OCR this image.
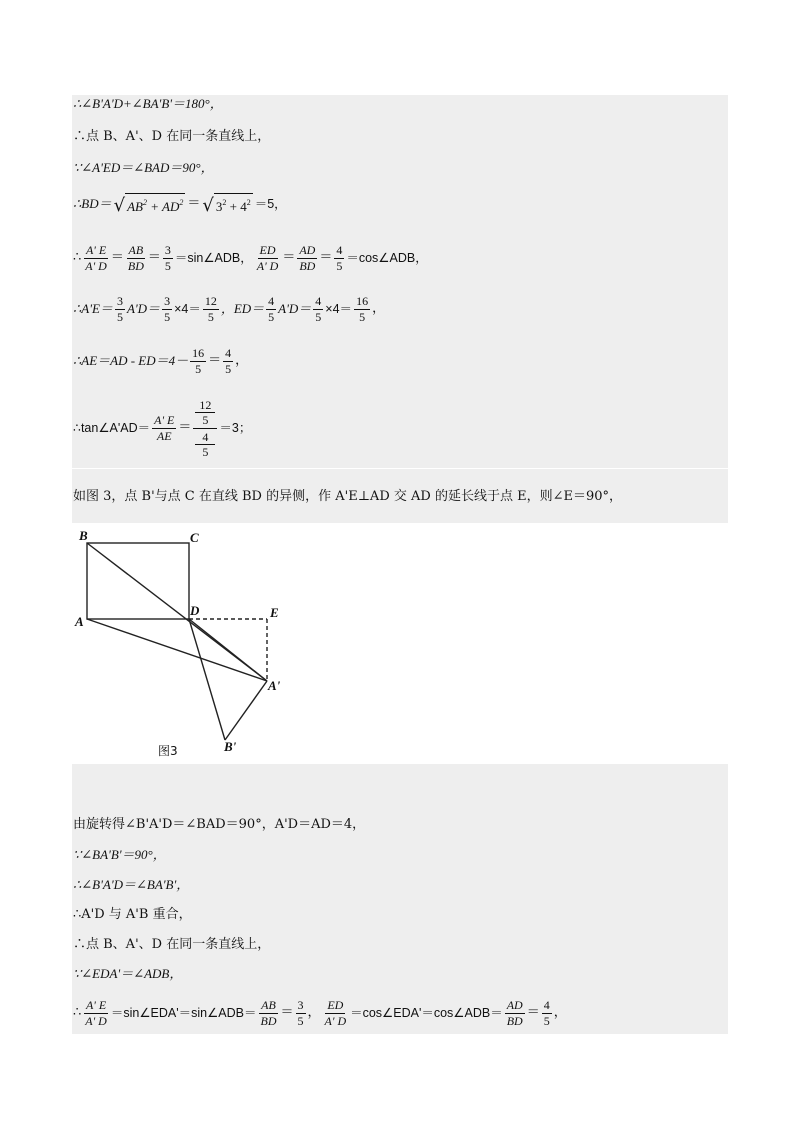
∴∠B'A'D+∠BA'B'＝180°，
∴点 B、A'、D 在同一条直线上，
∵∠A'ED＝∠BAD＝90°，
∴BD＝ √ $AB^2 + AD^2$ ＝ √ $3^2 + 4^2 =5$，
∴ $\frac{A' E}{A' D} = \frac{AB}{BD} = \frac{3}{5}$ ＝sin∠ADB， $\frac{ED}{A' D} = \frac{AD}{BD} = \frac{4}{5}$ ＝cos∠ADB，
∴A'E＝ $\frac{3}{5} A'D= \frac{3}{5} \times 4= \frac{12}{5}$ ，$ED= \frac{4}{5} A'D= \frac{4}{5} \times 4= \frac{16}{5}$ ，
∴AE＝AD - $ED=4- \frac{16}{5} = \frac{4}{5}$ ，
∴tan∠A'AD＝ $\frac{A' E}{AE}$ ＝
12
5
4
5
＝3；
如图 3，点 B'与点 C 在直线 BD 的异侧，作 A'E⊥AD 交 AD 的延长线于点 E，则∠E＝90°，
B	C
D	E
A
A'
B'
图3
由旋转得∠B'A'D＝∠BAD＝90°，A'D＝AD＝4，
∵∠BA'B'＝90°，
∴∠B'A'D＝∠BA'B'，
∴A'D 与 A'B 重合，
∴点 B、A'、D 在同一条直线上，
∵∠EDA'＝∠ADB，
∴ $\frac{A' E}{A' D}$ ＝sin∠EDA'＝sin∠ADB＝ $\frac{AB}{BD} = \frac{3}{5}$ ， $\frac{ED}{A' D}$ ＝cos∠EDA'＝cos∠ADB＝ $\frac{AD}{BD} = \frac{4}{5}$ ，
